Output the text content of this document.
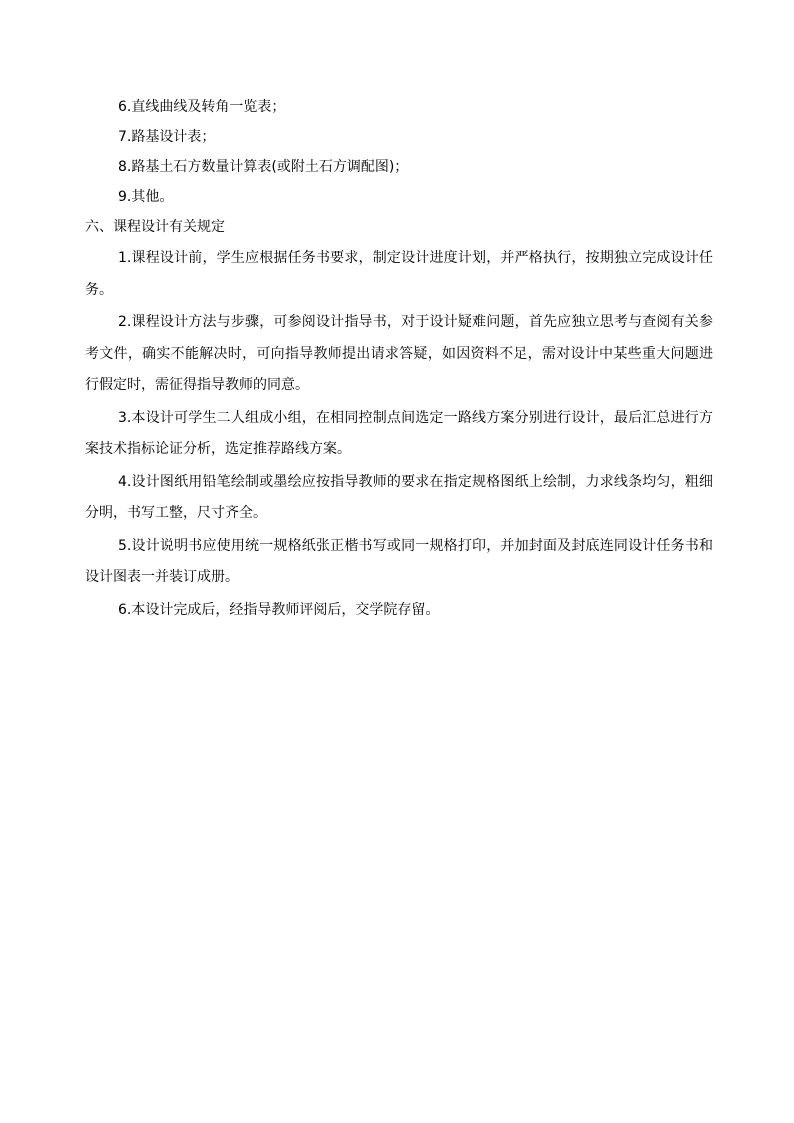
6.直线曲线及转角一览表；

7.路基设计表；

8.路基土石方数量计算表(或附土石方调配图)；

9.其他。

六、课程设计有关规定

1.课程设计前，学生应根据任务书要求，制定设计进度计划，并严格执行，按期独立完成设计任务。

2.课程设计方法与步骤，可参阅设计指导书，对于设计疑难问题，首先应独立思考与查阅有关参考文件，确实不能解决时，可向指导教师提出请求答疑，如因资料不足，需对设计中某些重大问题进行假定时，需征得指导教师的同意。

3.本设计可学生二人组成小组，在相同控制点间选定一路线方案分别进行设计，最后汇总进行方案技术指标论证分析，选定推荐路线方案。

4.设计图纸用铅笔绘制或墨绘应按指导教师的要求在指定规格图纸上绘制，力求线条均匀，粗细分明，书写工整，尺寸齐全。

5.设计说明书应使用统一规格纸张正楷书写或同一规格打印，并加封面及封底连同设计任务书和设计图表一并装订成册。

6.本设计完成后，经指导教师评阅后，交学院存留。
